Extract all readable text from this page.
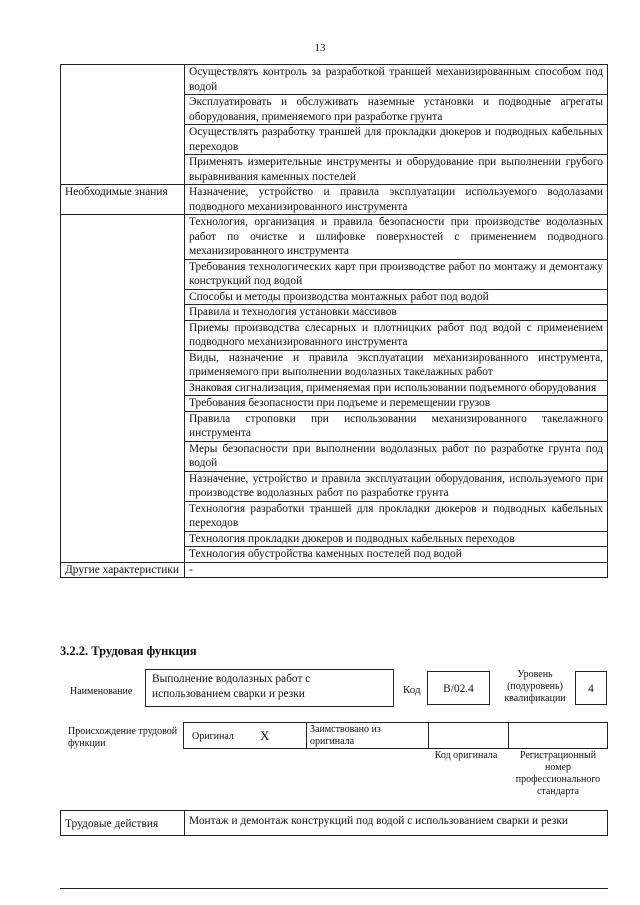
13
	Осуществлять контроль за разработкой траншей механизированным способом под водой
	Эксплуатировать и обслуживать наземные установки и подводные агрегаты оборудования, применяемого при разработке грунта
	Осуществлять разработку траншей для прокладки дюкеров и подводных кабельных переходов
	Применять измерительные инструменты и оборудование при выполнении грубого выравнивания каменных постелей
Необходимые знания	Назначение, устройство и правила эксплуатации используемого водолазами подводного механизированного инструмента
	Технология, организация и правила безопасности при производстве водолазных работ по очистке и шлифовке поверхностей с применением подводного механизированного инструмента
	Требования технологических карт при производстве работ по монтажу и демонтажу конструкций под водой
	Способы и методы производства монтажных работ под водой
	Правила и технология установки массивов
	Приемы производства слесарных и плотницких работ под водой с применением подводного механизированного инструмента
	Виды, назначение и правила эксплуатации механизированного инструмента, применяемого при выполнении водолазных такелажных работ
	Знаковая сигнализация, применяемая при использовании подъемного оборудования
	Требования безопасности при подъеме и перемещении грузов
	Правила строповки при использовании механизированного такелажного инструмента
	Меры безопасности при выполнении водолазных работ по разработке грунта под водой
	Назначение, устройство и правила эксплуатации оборудования, используемого при производстве водолазных работ по разработке грунта
	Технология разработки траншей для прокладки дюкеров и подводных кабельных переходов
	Технология прокладки дюкеров и подводных кабельных переходов
	Технология обустройства каменных постелей под водой
Другие характеристики	-
3.2.2. Трудовая функция
Наименование
Выполнение водолазных работ с использованием сварки и резки	Код	B/02.4
Уровень (подуровень) квалификации
4
Происхождение трудовой функции
Оригинал X	Заимствовано из оригинала
Код оригинала	Регистрационный номер профессионального стандарта
Трудовые действия	Монтаж и демонтаж конструкций под водой с использованием сварки и резки
